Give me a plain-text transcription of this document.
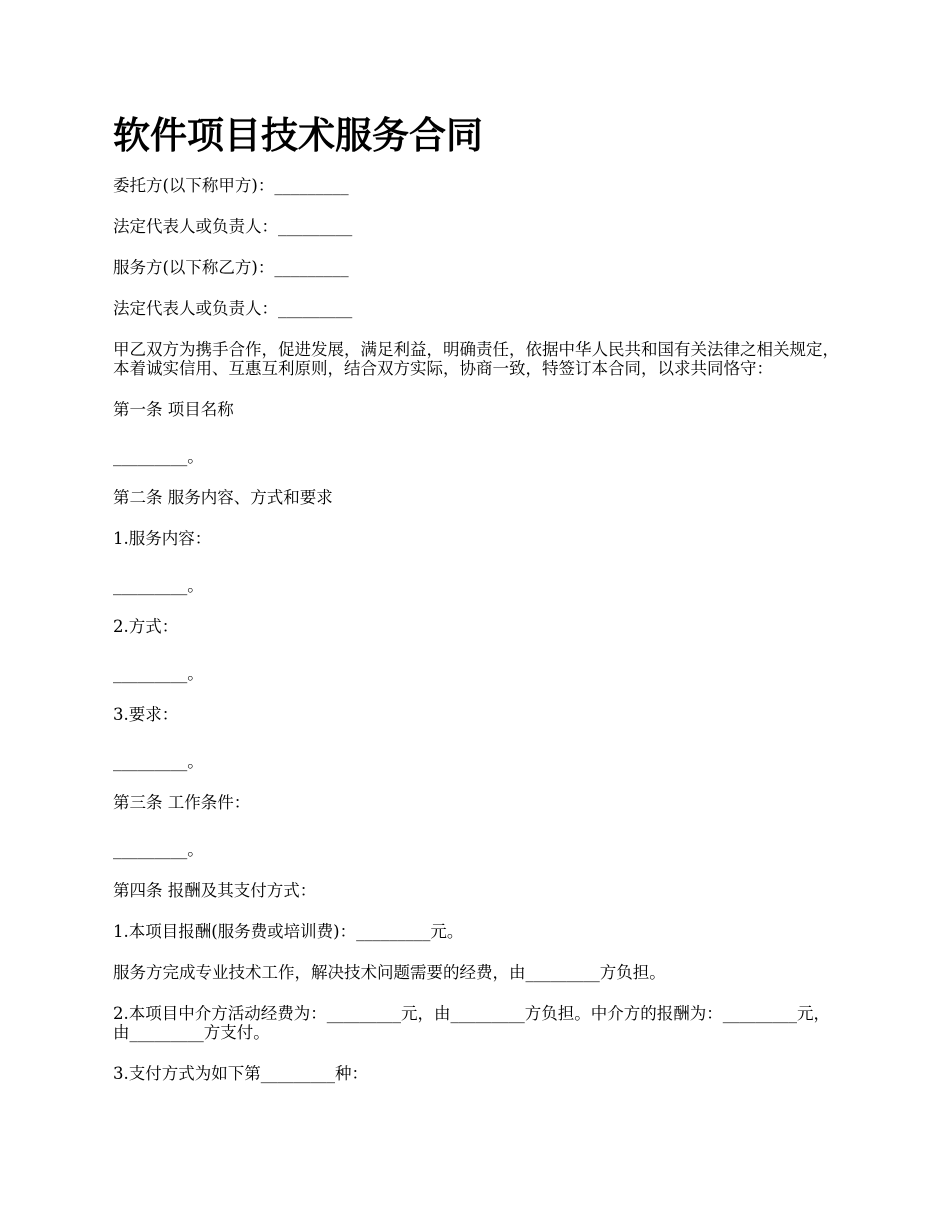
软件项目技术服务合同

委托方(以下称甲方)：_________

法定代表人或负责人：_________

服务方(以下称乙方)：_________

法定代表人或负责人：_________

甲乙双方为携手合作，促进发展，满足利益，明确责任，依据中华人民共和国有关法律之相关规定，本着诚实信用、互惠互利原则，结合双方实际，协商一致，特签订本合同，以求共同恪守：

第一条 项目名称

_________。

第二条 服务内容、方式和要求

1.服务内容：

_________。

2.方式：

_________。

3.要求：

_________。

第三条 工作条件：

_________。

第四条 报酬及其支付方式：

1.本项目报酬(服务费或培训费)：_________元。

服务方完成专业技术工作，解决技术问题需要的经费，由_________方负担。

2.本项目中介方活动经费为：_________元，由_________方负担。中介方的报酬为：_________元，由_________方支付。

3.支付方式为如下第_________种：
